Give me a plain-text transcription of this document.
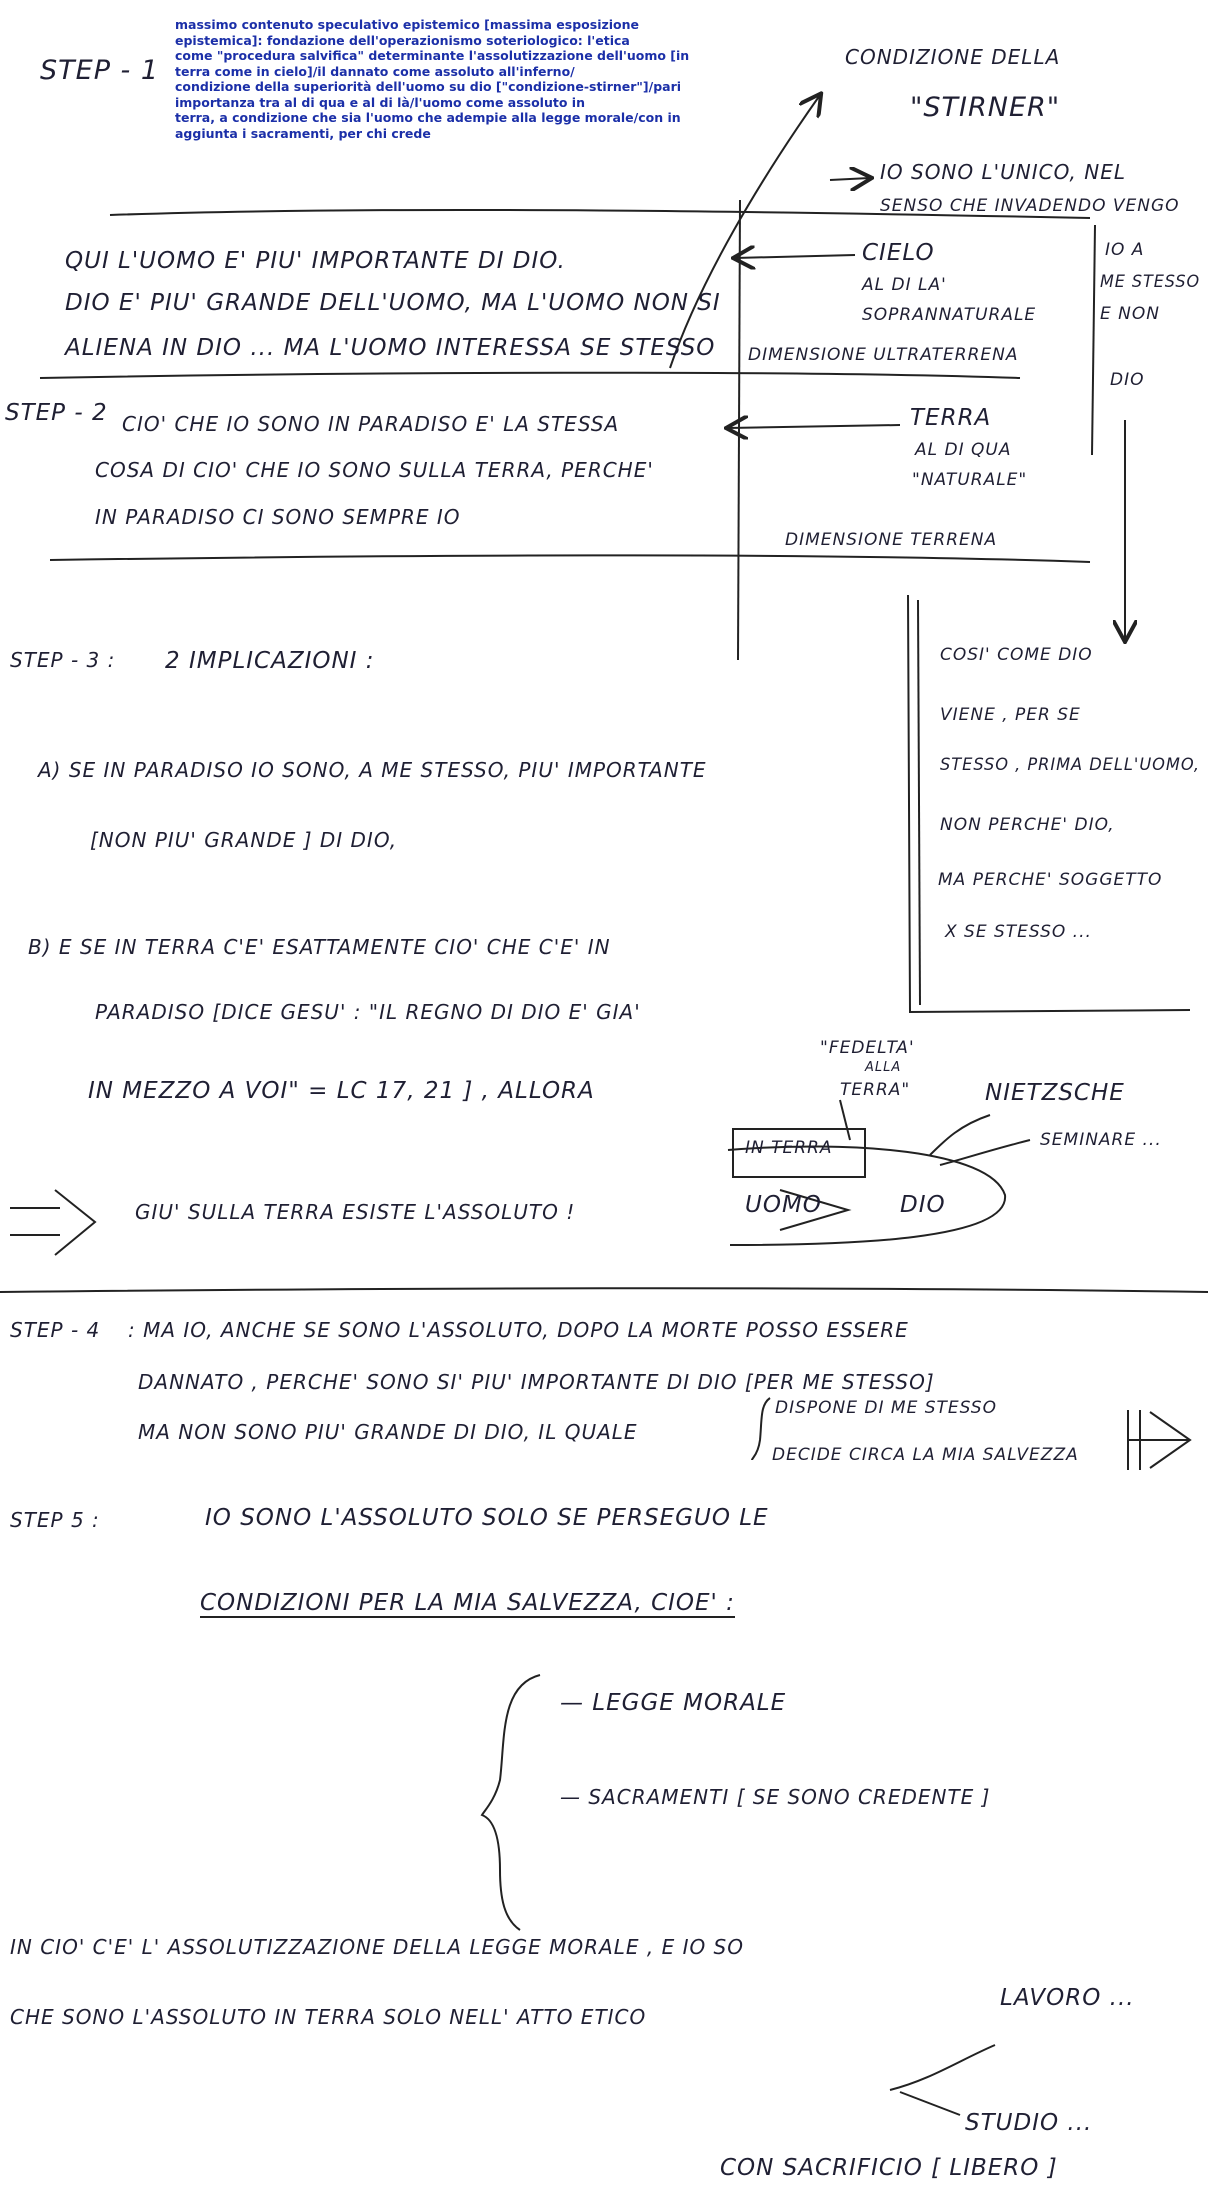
massimo contenuto speculativo epistemico [massima esposizione
epistemica]: fondazione dell'operazionismo soteriologico: l'etica
come "procedura salvifica" determinante l'assolutizzazione dell'uomo [in
terra come in cielo]/il dannato come assoluto all'inferno/
condizione della superiorità dell'uomo su dio ["condizione-stirner"]/pari
importanza tra al di qua e al di là/l'uomo come assoluto in
terra, a condizione che sia l'uomo che adempie alla legge morale/con in
aggiunta i sacramenti, per chi crede
STEP - 1	CONDIZIONE DELLA
"STIRNER"
IO SONO L'UNICO, NEL
SENSO CHE INVADENDO VENGO
IO A
ME STESSO
E NON
DIO
QUI L'UOMO E' PIU' IMPORTANTE DI DIO.
DIO E' PIU' GRANDE DELL'UOMO, MA L'UOMO NON SI
ALIENA IN DIO ... MA L'UOMO INTERESSA SE STESSO
CIELO
AL DI LA'
SOPRANNATURALE
DIMENSIONE ULTRATERRENA
STEP - 2 CIO' CHE IO SONO IN PARADISO E' LA STESSA
COSA DI CIO' CHE IO SONO SULLA TERRA, PERCHE'
IN PARADISO CI SONO SEMPRE IO
TERRA
AL DI QUA
"NATURALE"
DIMENSIONE TERRENA
STEP - 3 : 2 IMPLICAZIONI :
A) SE IN PARADISO IO SONO, A ME STESSO, PIU' IMPORTANTE
[NON PIU' GRANDE ] DI DIO,
B) E SE IN TERRA C'E' ESATTAMENTE CIO' CHE C'E' IN
PARADISO [DICE GESU' : "IL REGNO DI DIO E' GIA'
IN MEZZO A VOI" = LC 17, 21 ] , ALLORA
GIU' SULLA TERRA ESISTE L'ASSOLUTO !
COSI' COME DIO
VIENE , PER SE
STESSO , PRIMA DELL'UOMO,
NON PERCHE' DIO,
MA PERCHE' SOGGETTO
X SE STESSO ...
"FEDELTA'
ALLA
TERRA"	NIETZSCHE
SEMINARE ...
IN TERRA
UOMO	DIO
STEP - 4 : MA IO, ANCHE SE SONO L'ASSOLUTO, DOPO LA MORTE POSSO ESSERE
DANNATO , PERCHE' SONO SI' PIU' IMPORTANTE DI DIO [PER ME STESSO]
MA NON SONO PIU' GRANDE DI DIO, IL QUALE
DISPONE DI ME STESSO
DECIDE CIRCA LA MIA SALVEZZA
STEP 5 :	IO SONO L'ASSOLUTO SOLO SE PERSEGUO LE
CONDIZIONI PER LA MIA SALVEZZA, CIOE' :
— LEGGE MORALE
— SACRAMENTI [ SE SONO CREDENTE ]
IN CIO' C'E' L' ASSOLUTIZZAZIONE DELLA LEGGE MORALE , E IO SO
CHE SONO L'ASSOLUTO IN TERRA SOLO NELL' ATTO ETICO
LAVORO ...
STUDIO ...
CON SACRIFICIO [ LIBERO ]
